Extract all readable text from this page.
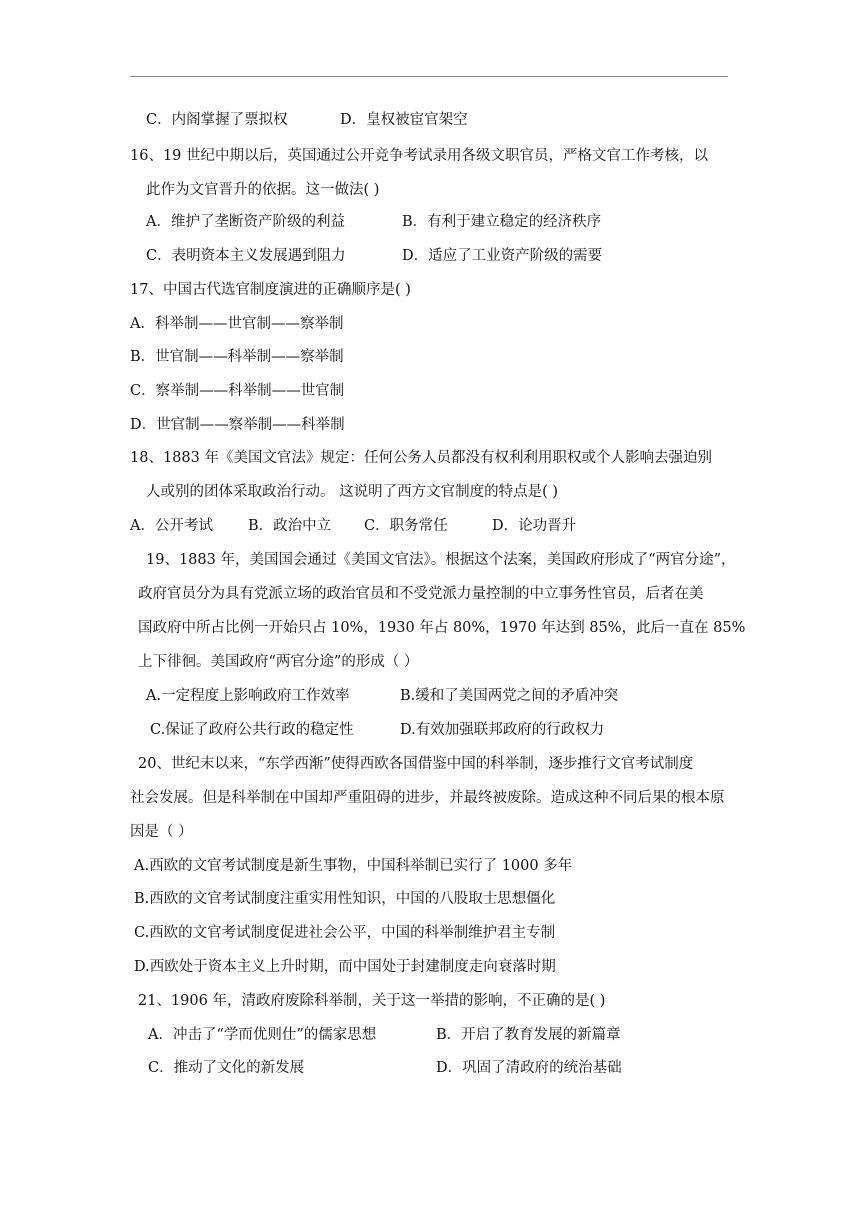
C．内阁掌握了票拟权	D．皇权被宦官架空
16、19 世纪中期以后，英国通过公开竞争考试录用各级文职官员，严格文官工作考核，以
此作为文官晋升的依据。这一做法( )
A．维护了垄断资产阶级的利益	B．有利于建立稳定的经济秩序
C．表明资本主义发展遇到阻力	D．适应了工业资产阶级的需要
17、中国古代选官制度演进的正确顺序是( )
A．科举制——世官制——察举制
B．世官制——科举制——察举制
C．察举制——科举制——世官制
D．世官制——察举制——科举制
18、1883 年《美国文官法》规定：任何公务人员都没有权利利用职权或个人影响去强迫别
人或别的团体采取政治行动。 这说明了西方文官制度的特点是( )
A．公开考试 B．政治中立 C．职务常任	D．论功晋升
19、1883 年，美国国会通过《美国文官法》。根据这个法案，美国政府形成了“两官分途”，
政府官员分为具有党派立场的政治官员和不受党派力量控制的中立事务性官员，后者在美
国政府中所占比例一开始只占 10%，1930 年占 80%，1970 年达到 85%，此后一直在 85%
上下徘徊。美国政府“两官分途”的形成（ ）
A.一定程度上影响政府工作效率	B.缓和了美国两党之间的矛盾冲突
C.保证了政府公共行政的稳定性	D.有效加强联邦政府的行政权力
20、世纪末以来，“东学西渐”使得西欧各国借鉴中国的科举制，逐步推行文官考试制度
社会发展。但是科举制在中国却严重阻碍的进步，并最终被废除。造成这种不同后果的根本原
因是（ ）
A.西欧的文官考试制度是新生事物，中国科举制已实行了 1000 多年
B.西欧的文官考试制度注重实用性知识，中国的八股取士思想僵化
C.西欧的文官考试制度促进社会公平，中国的科举制维护君主专制
D.西欧处于资本主义上升时期，而中国处于封建制度走向衰落时期
21、1906 年，清政府废除科举制，关于这一举措的影响，不正确的是( )
A．冲击了“学而优则仕”的儒家思想	B．开启了教育发展的新篇章
C．推动了文化的新发展	D．巩固了清政府的统治基础
